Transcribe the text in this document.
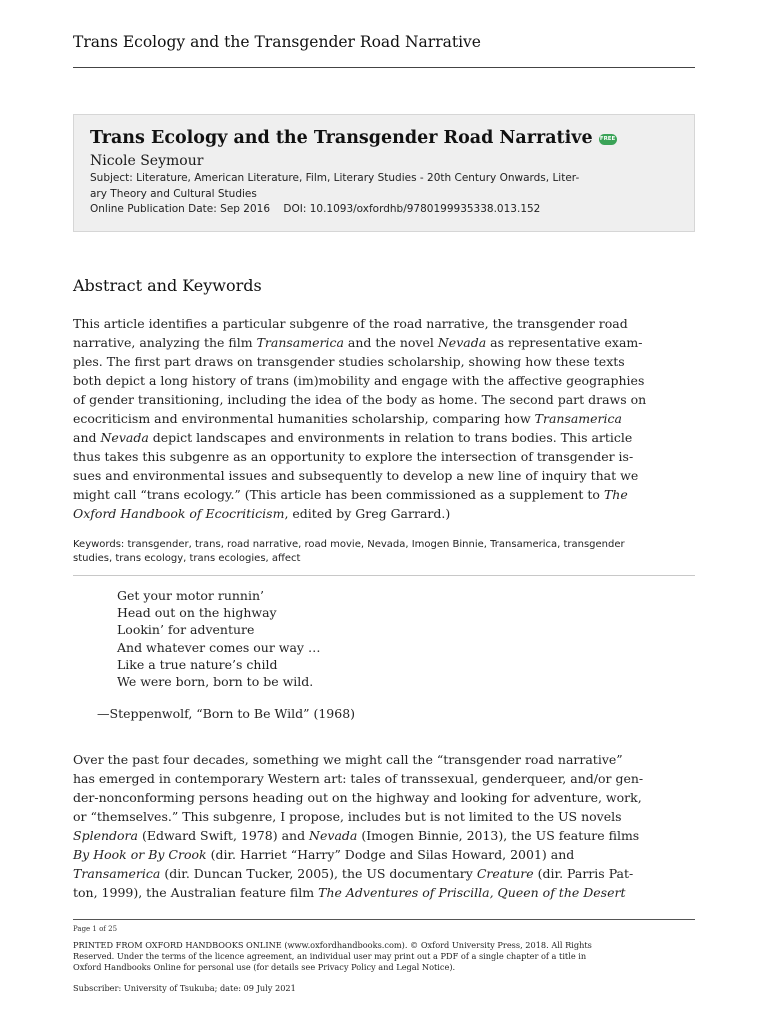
Trans Ecology and the Transgender Road Narrative
Trans Ecology and the Transgender Road Narrative FREE
Nicole Seymour
Subject: Literature, American Literature, Film, Literary Studies - 20th Century Onwards, Liter-
ary Theory and Cultural Studies
Online Publication Date: Sep 2016 DOI: 10.1093/oxfordhb/9780199935338.013.152
Abstract and Keywords
This article identifies a particular subgenre of the road narrative, the transgender road
narrative, analyzing the film Transamerica and the novel Nevada as representative exam-
ples. The first part draws on transgender studies scholarship, showing how these texts
both depict a long history of trans (im)mobility and engage with the affective geographies
of gender transitioning, including the idea of the body as home. The second part draws on
ecocriticism and environmental humanities scholarship, comparing how Transamerica
and Nevada depict landscapes and environments in relation to trans bodies. This article
thus takes this subgenre as an opportunity to explore the intersection of transgender is-
sues and environmental issues and subsequently to develop a new line of inquiry that we
might call “trans ecology.” (This article has been commissioned as a supplement to The
Oxford Handbook of Ecocriticism, edited by Greg Garrard.)
Keywords: transgender, trans, road narrative, road movie, Nevada, Imogen Binnie, Transamerica, transgender
studies, trans ecology, trans ecologies, affect
Get your motor runnin’
Head out on the highway
Lookin’ for adventure
And whatever comes our way …
Like a true nature’s child
We were born, born to be wild.
—Steppenwolf, “Born to Be Wild” (1968)
Over the past four decades, something we might call the “transgender road narrative”
has emerged in contemporary Western art: tales of transsexual, genderqueer, and/or gen-
der-nonconforming persons heading out on the highway and looking for adventure, work,
or “themselves.” This subgenre, I propose, includes but is not limited to the US novels
Splendora (Edward Swift, 1978) and Nevada (Imogen Binnie, 2013), the US feature films
By Hook or By Crook (dir. Harriet “Harry” Dodge and Silas Howard, 2001) and
Transamerica (dir. Duncan Tucker, 2005), the US documentary Creature (dir. Parris Pat-
ton, 1999), the Australian feature film The Adventures of Priscilla, Queen of the Desert
Page 1 of 25
PRINTED FROM OXFORD HANDBOOKS ONLINE (www.oxfordhandbooks.com). © Oxford University Press, 2018. All Rights
Reserved. Under the terms of the licence agreement, an individual user may print out a PDF of a single chapter of a title in
Oxford Handbooks Online for personal use (for details see Privacy Policy and Legal Notice).
Subscriber: University of Tsukuba; date: 09 July 2021
